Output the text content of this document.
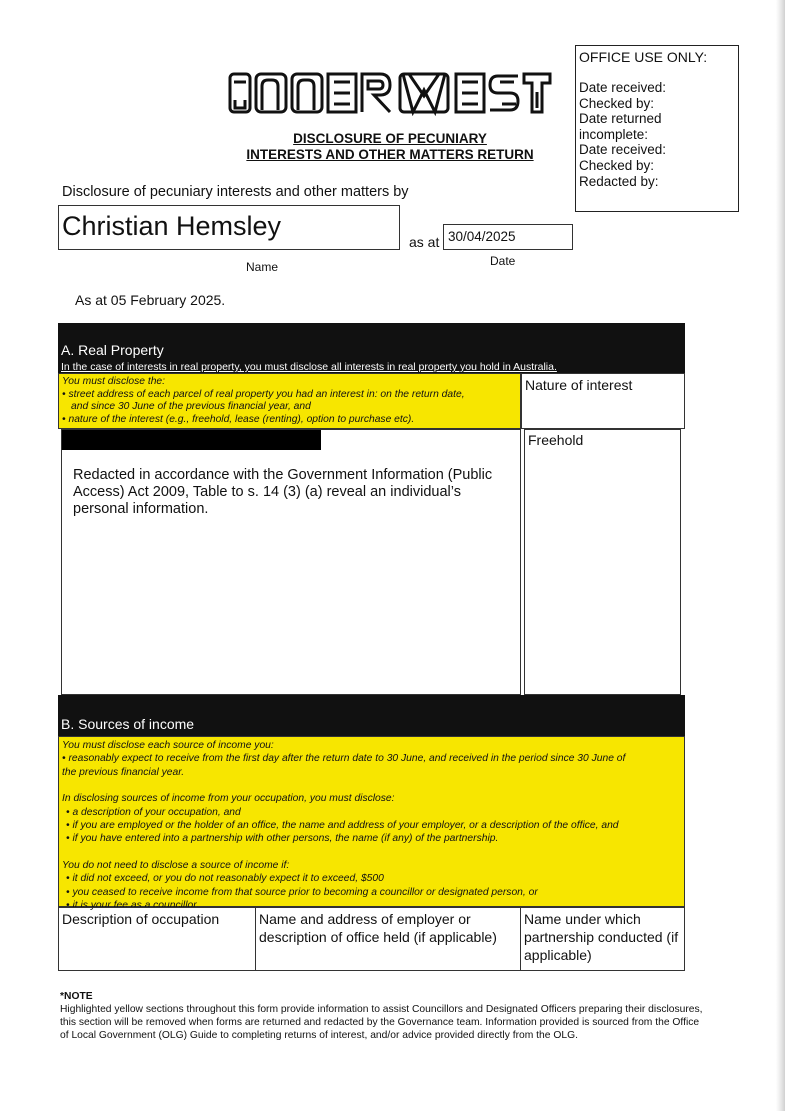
INNER WEST
DISCLOSURE OF PECUNIARY
INTERESTS AND OTHER MATTERS RETURN
OFFICE USE ONLY:
Date received:
Checked by:
Date returned
incomplete:
Date received:
Checked by:
Redacted by:
Disclosure of pecuniary interests and other matters by
Christian Hemsley
as at 30/04/2025
Name	Date
As at 05 February 2025.
A. Real Property
In the case of interests in real property, you must disclose all interests in real property you hold in Australia.
You must disclose the:
• street address of each parcel of real property you had an interest in: on the return date,
and since 30 June of the previous financial year, and
• nature of the interest (e.g., freehold, lease (renting), option to purchase etc).
Nature of interest
Redacted in accordance with the Government Information (Public Access) Act 2009, Table to s. 14 (3) (a) reveal an individual’s personal information.
Freehold
B. Sources of income
You must disclose each source of income you:
• reasonably expect to receive from the first day after the return date to 30 June, and received in the period since 30 June of
the previous financial year.
In disclosing sources of income from your occupation, you must disclose:
• a description of your occupation, and
• if you are employed or the holder of an office, the name and address of your employer, or a description of the office, and
• if you have entered into a partnership with other persons, the name (if any) of the partnership.
You do not need to disclose a source of income if:
• it did not exceed, or you do not reasonably expect it to exceed, $500
• you ceased to receive income from that source prior to becoming a councillor or designated person, or
• it is your fee as a councillor.
Description of occupation	Name and address of employer or description of office held (if applicable)
Name under which partnership conducted (if applicable)
*NOTE
Highlighted yellow sections throughout this form provide information to assist Councillors and Designated Officers preparing their disclosures, this section will be removed when forms are returned and redacted by the Governance team. Information provided is sourced from the Office of Local Government (OLG) Guide to completing returns of interest, and/or advice provided directly from the OLG.
